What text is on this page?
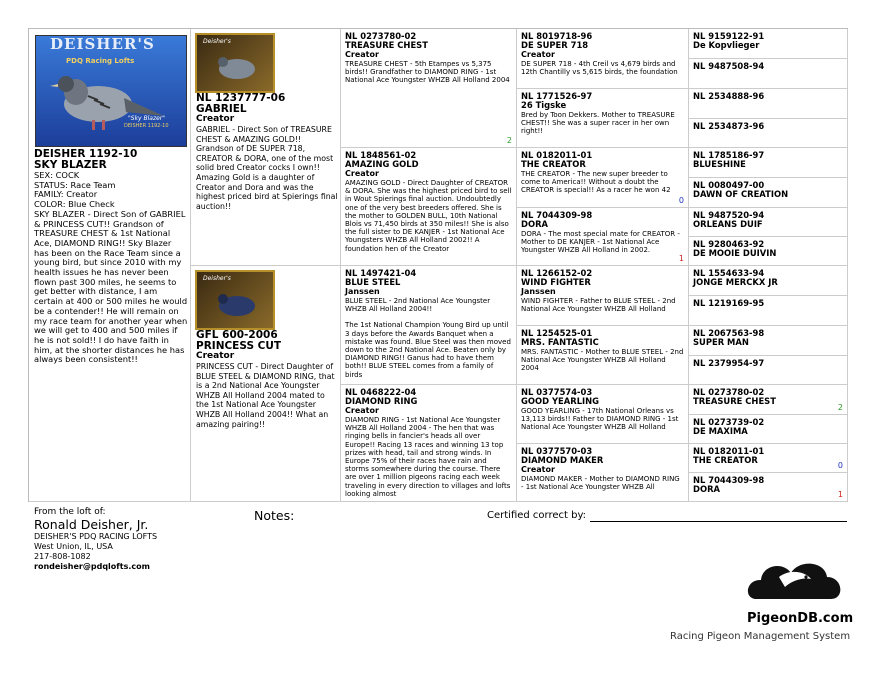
DEISHER'S
PDQ Racing Lofts
"Sky Blazer"
DEISHER 1192-10
DEISHER 1192-10
SKY BLAZER
SEX: COCK
STATUS: Race Team
FAMILY: Creator
COLOR: Blue Check
SKY BLAZER - Direct Son of GABRIEL & PRINCESS CUT!! Grandson of TREASURE CHEST & 1st National Ace, DIAMOND RING!! Sky Blazer has been on the Race Team since a young bird, but since 2010 with my health issues he has never been flown past 300 miles, he seems to get better with distance, I am certain at 400 or 500 miles he would be a contender!! He will remain on my race team for another year when we will get to 400 and 500 miles if he is not sold!! I do have faith in him, at the shorter distances he has always been consistent!!
Deisher's
NL 1237777-06
GABRIEL
Creator
GABRIEL - Direct Son of TREASURE CHEST & AMAZING GOLD!! Grandson of DE SUPER 718, CREATOR & DORA, one of the most solid bred Creator cocks I own!! Amazing Gold is a daughter of Creator and Dora and was the highest priced bird at Spierings final auction!!
Deisher's
GFL 600-2006
PRINCESS CUT
Creator
PRINCESS CUT - Direct Daughter of BLUE STEEL & DIAMOND RING, that is a 2nd National Ace Youngster WHZB All Holland 2004 mated to the 1st National Ace Youngster WHZB All Holland 2004!! What an amazing pairing!!
NL 0273780-02
TREASURE CHEST
Creator
TREASURE CHEST - 5th Etampes vs 5,375 birds!! Grandfather to DIAMOND RING - 1st National Ace Youngster WHZB All Holland 2004
2
NL 1848561-02
AMAZING GOLD
Creator
AMAZING GOLD - Direct Daughter of CREATOR & DORA. She was the highest priced bird to sell in Wout Spierings final auction. Undoubtedly one of the very best breeders offered. She is the mother to GOLDEN BULL, 10th National Blois vs 71,450 birds at 350 miles!! She is also the full sister to DE KANJER - 1st National Ace Youngsters WHZB All Holland 2002!! A foundation hen of the Creator
NL 1497421-04
BLUE STEEL
Janssen
BLUE STEEL - 2nd National Ace Youngster WHZB All Holland 2004!!
The 1st National Champion Young Bird up until 3 days before the Awards Banquet when a mistake was found. Blue Steel was then moved down to the 2nd National Ace. Beaten only by DIAMOND RING!! Ganus had to have them both!! BLUE STEEL comes from a family of birds
NL 0468222-04
DIAMOND RING
Creator
DIAMOND RING - 1st National Ace Youngster WHZB All Holland 2004 - The hen that was ringing bells in fancier's heads all over Europe!! Racing 13 races and winning 13 top prizes with head, tail and strong winds. In Europe 75% of their races have rain and storms somewhere during the course. There are over 1 million pigeons racing each week traveling in every direction to villages and lofts looking almost
NL 8019718-96
DE SUPER 718
Creator
DE SUPER 718 - 4th Creil vs 4,679 birds and 12th Chantilly vs 5,615 birds, the foundation
NL 1771526-97
26 Tigske
Bred by Toon Dekkers. Mother to TREASURE CHEST!! She was a super racer in her own right!!
NL 0182011-01
THE CREATOR
THE CREATOR - The new super breeder to come to America!! Without a doubt the CREATOR is special!! As a racer he won 42
0
NL 7044309-98
DORA
DORA - The most special mate for CREATOR - Mother to DE KANJER - 1st National Ace Youngster WHZB All Holland in 2002.
1
NL 1266152-02
WIND FIGHTER
Janssen
WIND FIGHTER - Father to BLUE STEEL - 2nd National Ace Youngster WHZB All Holland
NL 1254525-01
MRS. FANTASTIC
MRS. FANTASTIC - Mother to BLUE STEEL - 2nd National Ace Youngster WHZB All Holland 2004
NL 0377574-03
GOOD YEARLING
GOOD YEARLING - 17th National Orleans vs 13,113 birds!! Father to DIAMOND RING - 1st National Ace Youngster WHZB All Holland
NL 0377570-03
DIAMOND MAKER
Creator
DIAMOND MAKER - Mother to DIAMOND RING - 1st National Ace Youngster WHZB All
NL 9159122-91
De Kopvlieger
NL 9487508-94
NL 2534888-96
NL 2534873-96
NL 1785186-97
BLUESHINE
NL 0080497-00
DAWN OF CREATION
NL 9487520-94
ORLEANS DUIF
NL 9280463-92
DE MOOIE DUIVIN
NL 1554633-94
JONGE MERCKX JR
NL 1219169-95
NL 2067563-98
SUPER MAN
NL 2379954-97
NL 0273780-02
TREASURE CHEST
2
NL 0273739-02
DE MAXIMA
NL 0182011-01
THE CREATOR
0
NL 7044309-98
DORA
1
From the loft of:
Ronald Deisher, Jr.
DEISHER'S PDQ RACING LOFTS
West Union, IL, USA
217-808-1082
rondeisher@pdqlofts.com
Notes:	Certified correct by:
PigeonDB.com
Racing Pigeon Management System
